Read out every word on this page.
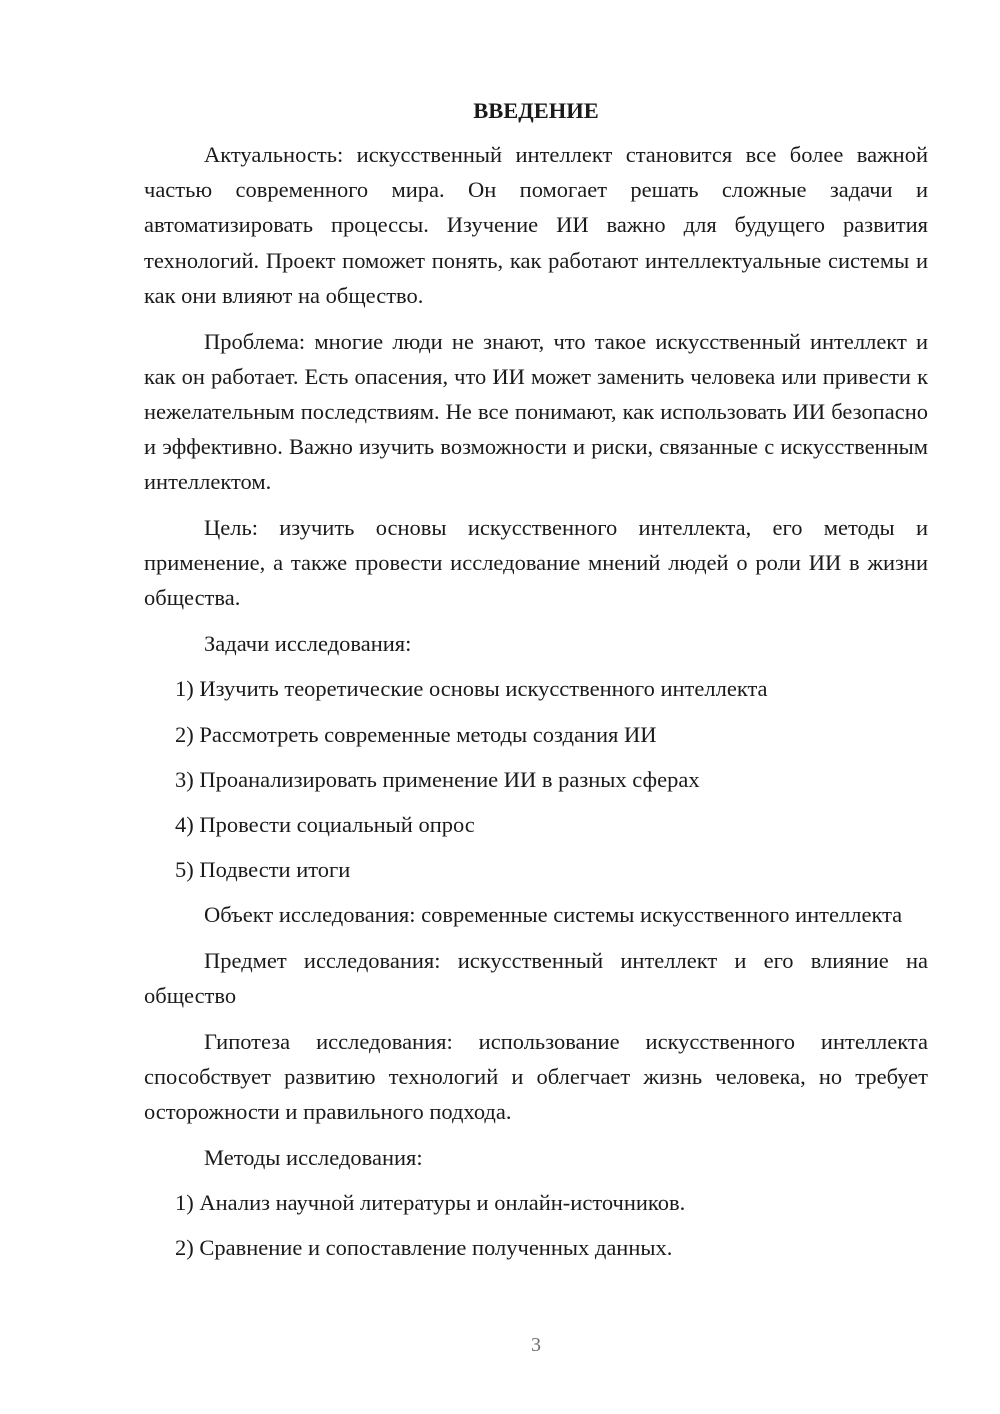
ВВЕДЕНИЕ

Актуальность: искусственный интеллект становится все более важной частью современного мира. Он помогает решать сложные задачи и автоматизировать процессы. Изучение ИИ важно для будущего развития технологий. Проект поможет понять, как работают интеллектуальные системы и как они влияют на общество.

Проблема: многие люди не знают, что такое искусственный интеллект и как он работает. Есть опасения, что ИИ может заменить человека или привести к нежелательным последствиям. Не все понимают, как использовать ИИ безопасно и эффективно. Важно изучить возможности и риски, связанные с искусственным интеллектом.

Цель: изучить основы искусственного интеллекта, его методы и применение, а также провести исследование мнений людей о роли ИИ в жизни общества.

Задачи исследования:
1) Изучить теоретические основы искусственного интеллекта
2) Рассмотреть современные методы создания ИИ
3) Проанализировать применение ИИ в разных сферах
4) Провести социальный опрос
5) Подвести итоги

Объект исследования: современные системы искусственного интеллекта

Предмет исследования: искусственный интеллект и его влияние на общество

Гипотеза исследования: использование искусственного интеллекта способствует развитию технологий и облегчает жизнь человека, но требует осторожности и правильного подхода.

Методы исследования:
1) Анализ научной литературы и онлайн-источников.
2) Сравнение и сопоставление полученных данных.
3
